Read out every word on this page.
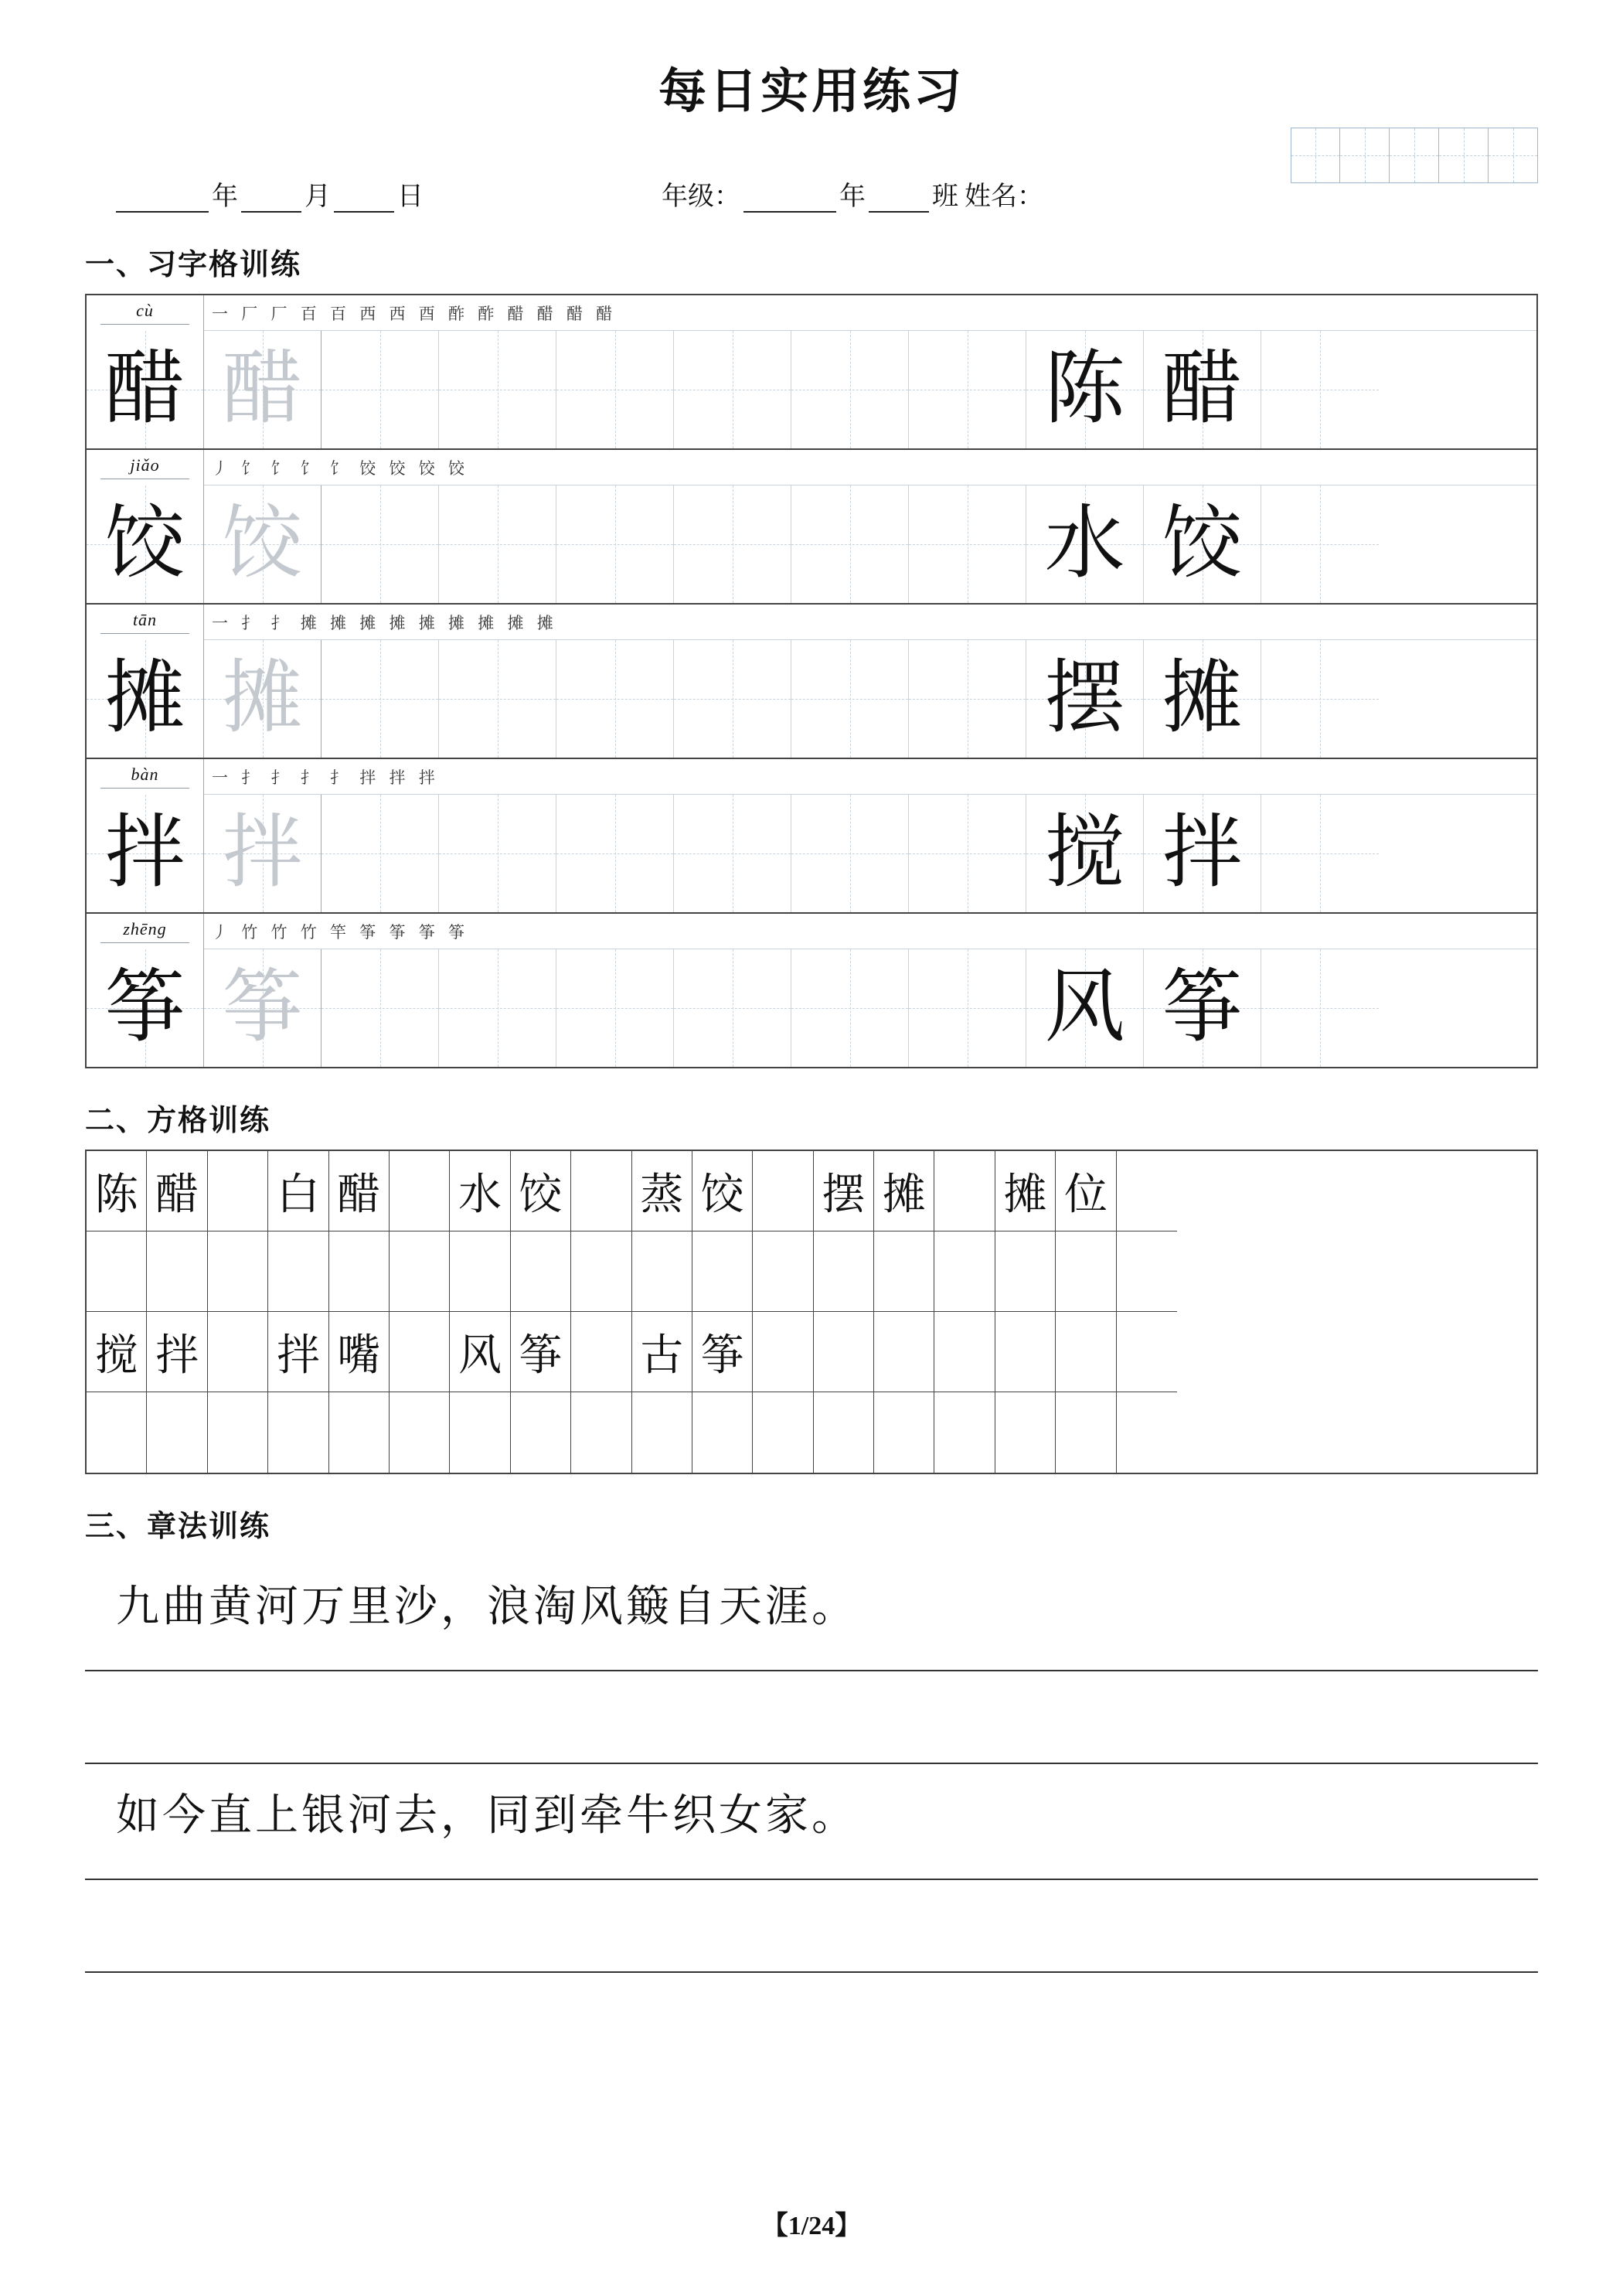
每日实用练习
年	月	日	年级：	年	班 姓名：
一、习字格训练
cù	一 厂 厂 百 百 西 西 酉 酢 酢 醋 醋 醋 醋
醋 醋	陈 醋
jiǎo	丿 饣 饣 饣 饣 饺 饺 饺 饺
饺 饺	水 饺
tān	一 扌 扌 摊 摊 摊 摊 摊 摊 摊 摊 摊
摊 摊	摆 摊
bàn	一 扌 扌 扌 扌 拌 拌 拌
拌 拌	搅 拌
zhēng	丿 竹 竹 竹 竿 筝 筝 筝 筝
筝 筝	风 筝
二、方格训练
陈 醋 白 醋 水 饺 蒸 饺 摆 摊 摊 位
搅 拌 拌 嘴 风 筝 古 筝
三、章法训练
九曲黄河万里沙，浪淘风簸自天涯。
如今直上银河去，同到牵牛织女家。
【1/24】
